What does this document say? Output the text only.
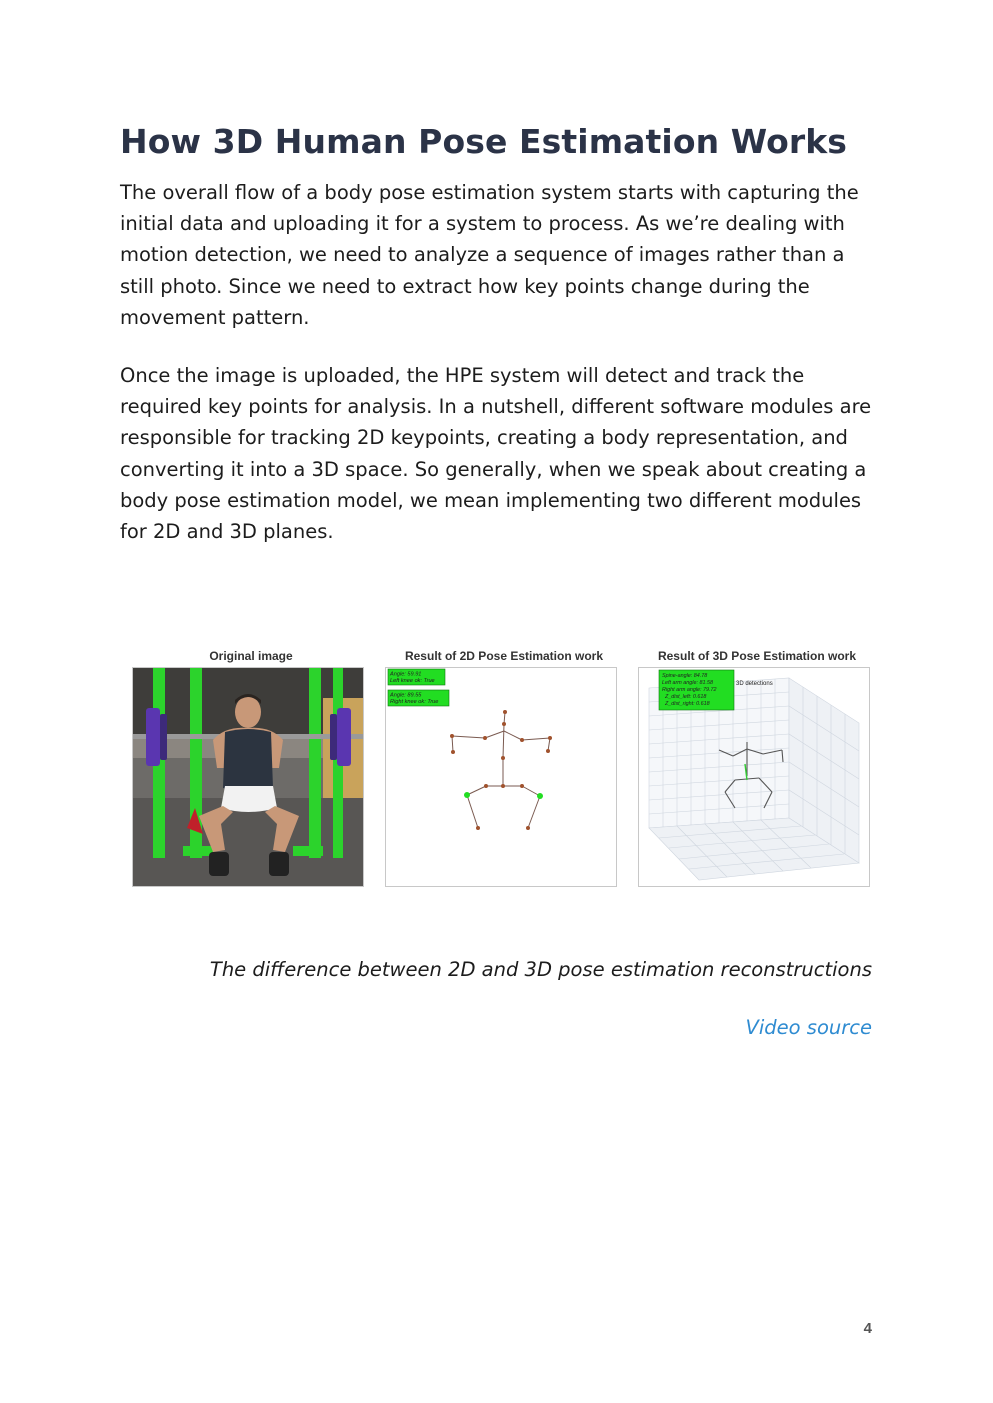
How 3D Human Pose Estimation Works

The overall flow of a body pose estimation system starts with capturing the initial data and uploading it for a system to process. As we’re dealing with motion detection, we need to analyze a sequence of images rather than a still photo. Since we need to extract how key points change during the movement pattern.

Once the image is uploaded, the HPE system will detect and track the required key points for analysis. In a nutshell, different software modules are responsible for tracking 2D keypoints, creating a body representation, and converting it into a 3D space. So generally, when we speak about creating a body pose estimation model, we mean implementing two different modules for 2D and 3D planes.

Original image	Result of 2D Pose Estimation work
Angle: 59.91
Left knee ok: True
Angle: 89.55
Right knee ok: True
Result of 3D Pose Estimation work
Spine-angle: 84.78 Left arm angle: 81.58 Right arm angle: 79.72 Z_dist_left: 0.618 Z_dist_right: 0.618
3D detections

The difference between 2D and 3D pose estimation reconstructions

Video source
4
